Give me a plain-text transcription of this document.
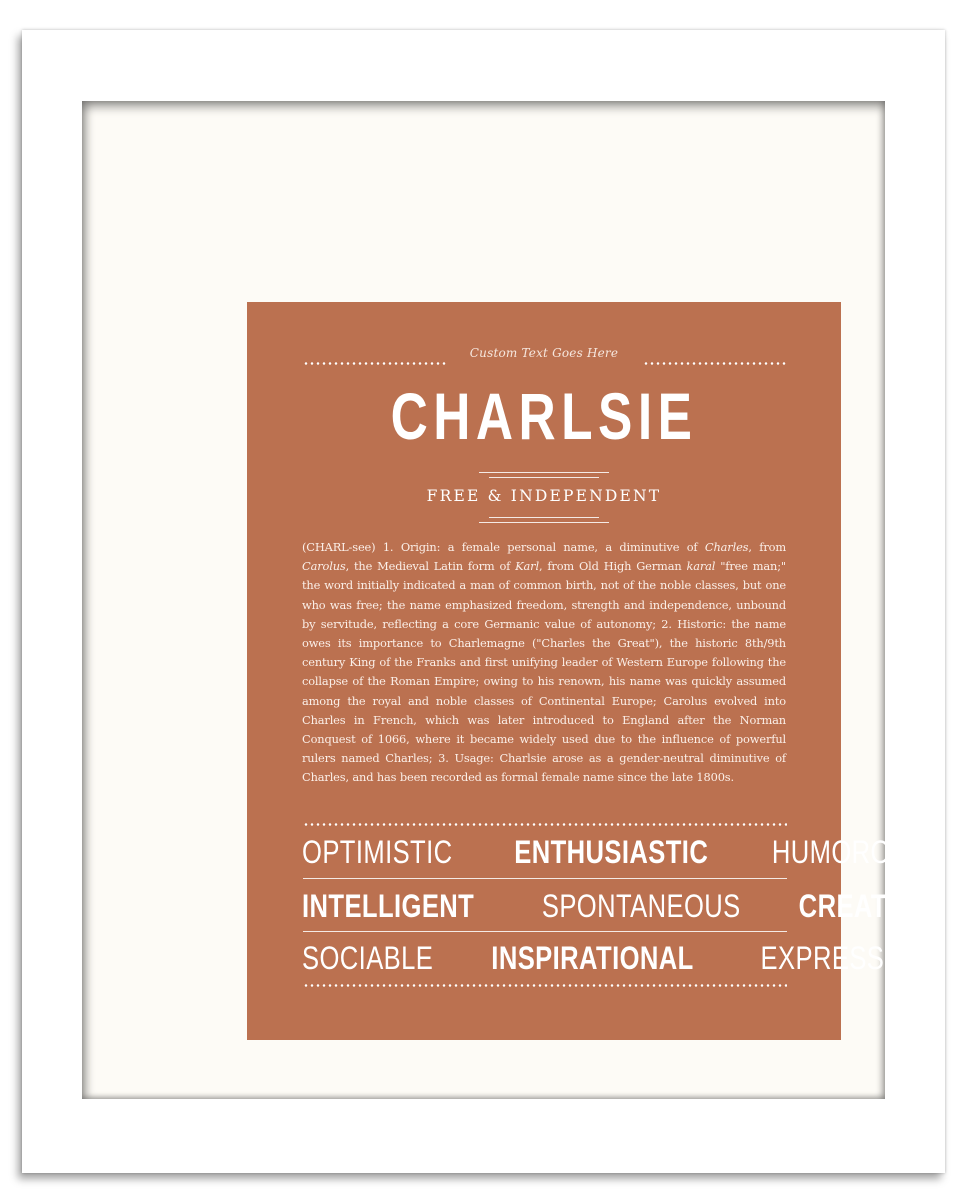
Custom Text Goes Here
CHARLSIE
FREE & INDEPENDENT
(CHARL-see) 1. Origin: a female personal name, a diminutive of Charles, from Carolus, the Medieval Latin form of Karl, from Old High German karal "free man;" the word initially indicated a man of common birth, not of the noble classes, but one who was free; the name emphasized freedom, strength and independence, unbound by servitude, reflecting a core Germanic value of autonomy; 2. Historic: the name owes its importance to Charlemagne ("Charles the Great"), the historic 8th/9th century King of the Franks and first unifying leader of Western Europe following the collapse of the Roman Empire; owing to his renown, his name was quickly assumed among the royal and noble classes of Continental Europe; Carolus evolved into Charles in French, which was later introduced to England after the Norman Conquest of 1066, where it became widely used due to the influence of powerful rulers named Charles; 3. Usage: Charlsie arose as a gender-neutral diminutive of Charles, and has been recorded as formal female name since the late 1800s.
OPTIMISTIC ENTHUSIASTIC HUMOROUS
INTELLIGENT SPONTANEOUS CREATIVE
SOCIABLE INSPIRATIONAL EXPRESSIVE
